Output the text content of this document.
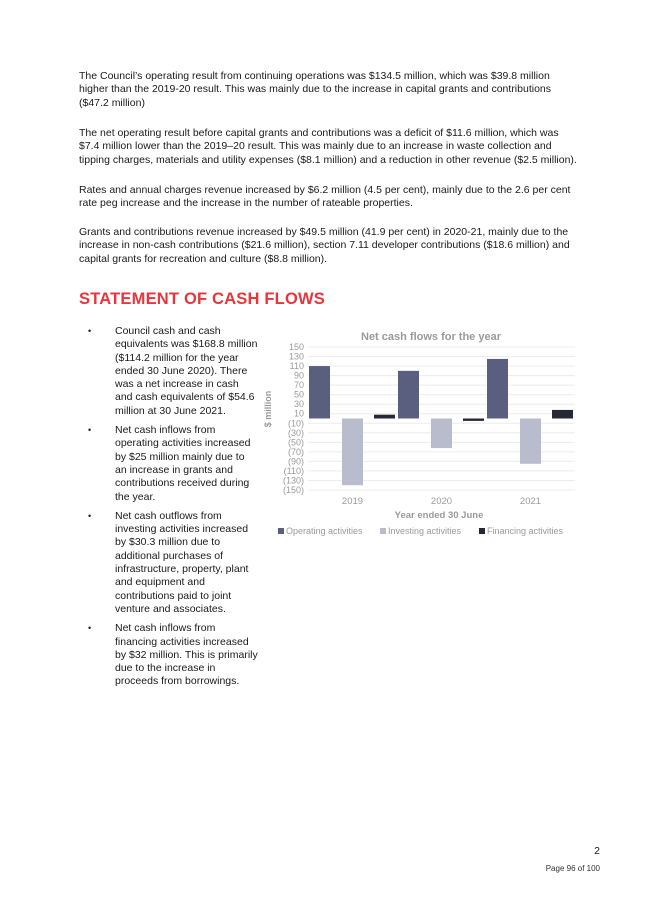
The Council’s operating result from continuing operations was $134.5 million, which was $39.8 million higher than the 2019-20 result. This was mainly due to the increase in capital grants and contributions ($47.2 million)

The net operating result before capital grants and contributions was a deficit of $11.6 million, which was $7.4 million lower than the 2019–20 result. This was mainly due to an increase in waste collection and tipping charges, materials and utility expenses ($8.1 million) and a reduction in other revenue ($2.5 million).

Rates and annual charges revenue increased by $6.2 million (4.5 per cent), mainly due to the 2.6 per cent rate peg increase and the increase in the number of rateable properties.

Grants and contributions revenue increased by $49.5 million (41.9 per cent) in 2020-21, mainly due to the increase in non-cash contributions ($21.6 million), section 7.11 developer contributions ($18.6 million) and capital grants for recreation and culture ($8.8 million).

STATEMENT OF CASH FLOWS
• Council cash and cash equivalents was $168.8 million ($114.2 million for the year ended 30 June 2020). There was a net increase in cash and cash equivalents of $54.6 million at 30 June 2021.
• Net cash inflows from operating activities increased by $25 million mainly due to an increase in grants and contributions received during the year.
• Net cash outflows from investing activities increased by $30.3 million due to additional purchases of infrastructure, property, plant and equipment and contributions paid to joint venture and associates.
• Net cash inflows from financing activities increased by $32 million. This is primarily due to the increase in proceeds from borrowings.
Net cash flows for the year
$ million
Year ended 30 June
150
130
110
90
70
50
30
10
(10)
(30)
(50)
(70)
(90)
(110)
(130)
(150)
2019	2020	2021
Operating activities	Investing activities	Financing activities

2

Page 96 of 100
